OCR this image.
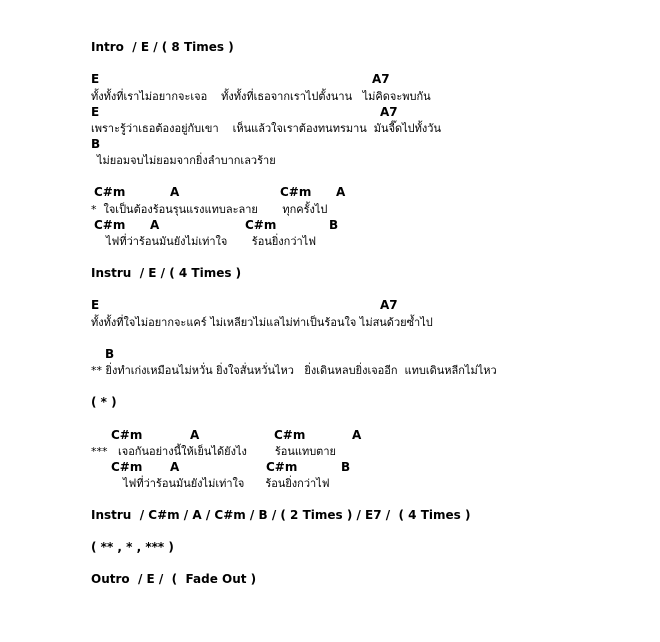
Intro  / E / ( 8 Times )
E	A7
ทั้งทั้งที่เราไม่อยากจะเจอ    ทั้งทั้งที่เธอจากเราไปตั้งนาน   ไม่คิดจะพบกัน
E	A7
เพราะรู้ว่าเธอต้องอยู่กับเขา    เห็นแล้วใจเราต้องทนทรมาน  มันจี๊ดไปทั้งวัน
B
ไม่ยอมจบไม่ยอมจากยิ่งลำบากเลวร้าย
C#m	A	C#m A
*  ใจเป็นต้องร้อนรุนแรงแทบละลาย       ทุกครั้งไป
C#m A	C#m	B
ไฟที่ว่าร้อนมันยังไม่เท่าใจ       ร้อนยิ่งกว่าไฟ
Instru  / E / ( 4 Times )
E	A7
ทั้งทั้งที่ใจไม่อยากจะแคร์ ไม่เหลียวไม่แลไม่ท่าเป็นร้อนใจ ไม่สนด้วยซ้ำไป
B
** ยิ่งทำเก่งเหมือนไม่หวั่น ยิ่งใจสั่นหวั่นไหว   ยิ่งเดินหลบยิ่งเจออีก  แทบเดินหลีกไม่ไหว
( * )
C#m	A	C#m	A
***   เจอกันอย่างนี้ให้เย็นได้ยังไง        ร้อนแทบตาย
C#m A	C#m	B
ไฟที่ว่าร้อนมันยังไม่เท่าใจ      ร้อนยิ่งกว่าไฟ
Instru  / C#m / A / C#m / B / ( 2 Times ) / E7 /  ( 4 Times )
( ** , * , *** )
Outro  / E /  (  Fade Out )
